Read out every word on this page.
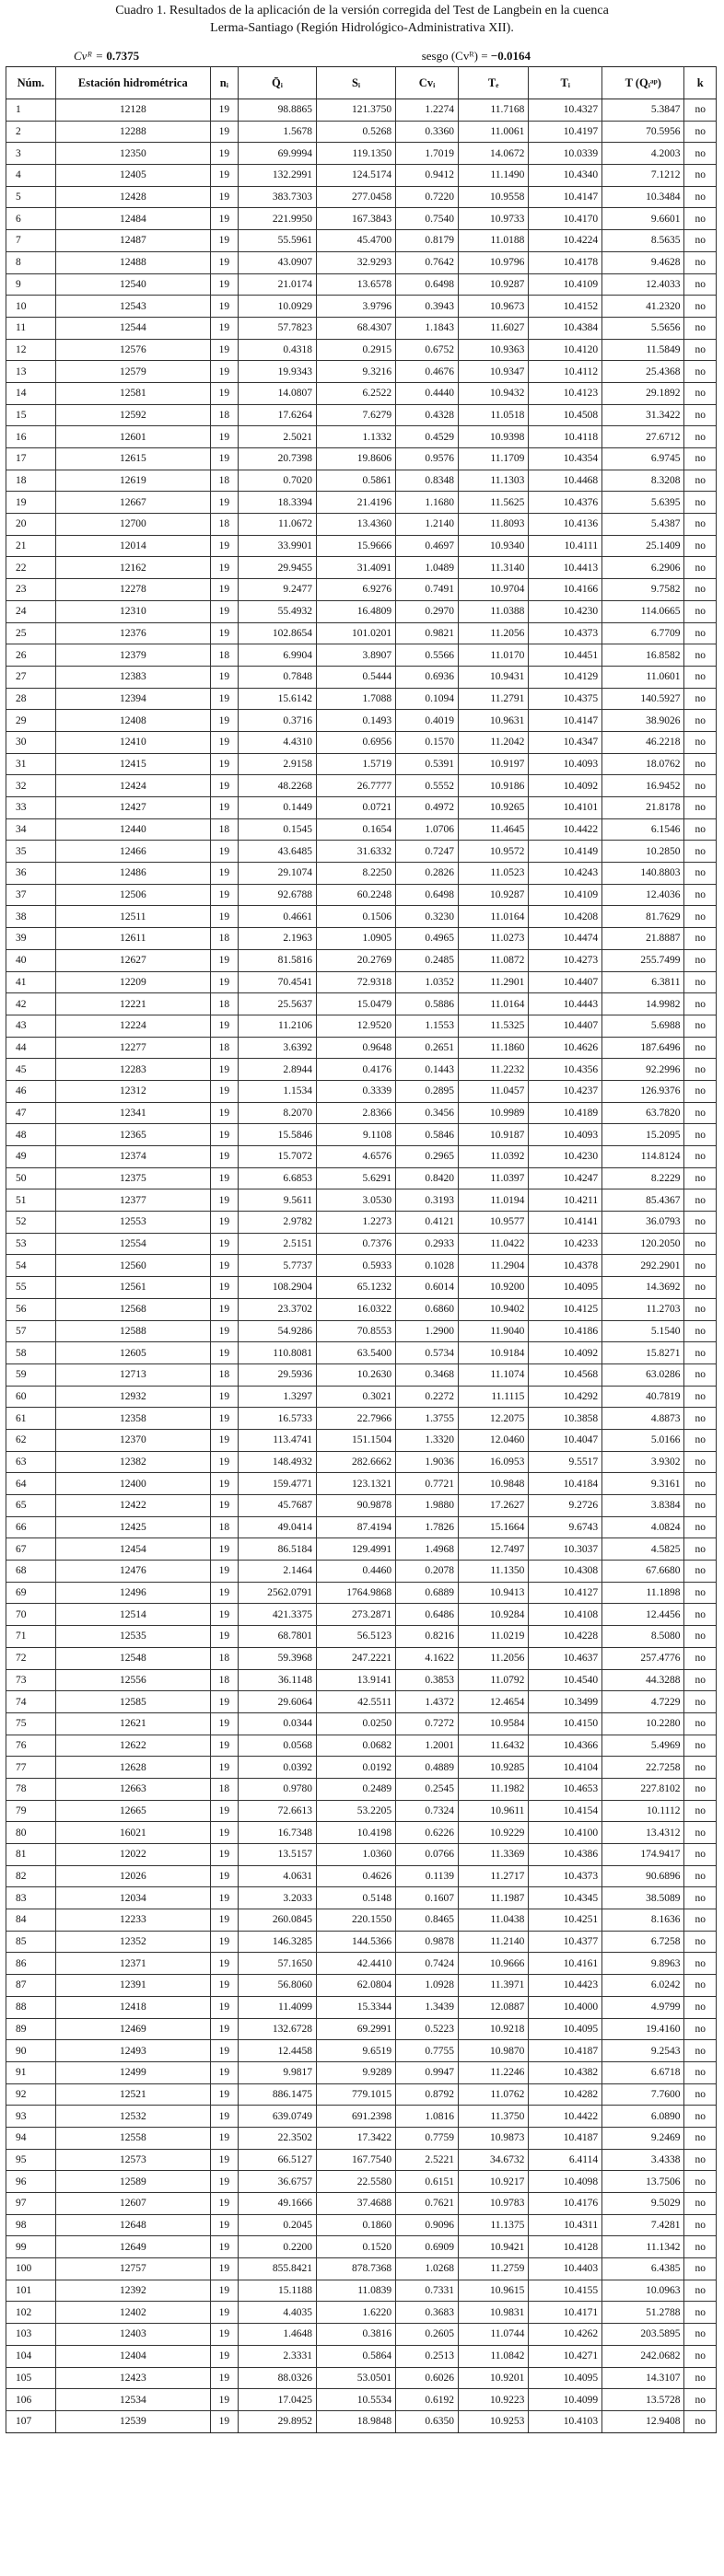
Cuadro 1. Resultados de la aplicación de la versión corregida del Test de Langbein en la cuenca
Lerma-Santiago (Región Hidrológico-Administrativa XII).
Cvᴿ = 0.7375	sesgo (Cvᴿ) = −0.0164
Núm.	Estación hidrométrica	nᵢ	Q̄ᵢ	Sᵢ	Cvᵢ	Tₑ	Tᵢ	T (Qᵢᵃᵖ)	k
1	12128	19	98.8865	121.3750	1.2274	11.7168	10.4327	5.3847	no
2	12288	19	1.5678	0.5268	0.3360	11.0061	10.4197	70.5956	no
3	12350	19	69.9994	119.1350	1.7019	14.0672	10.0339	4.2003	no
4	12405	19	132.2991	124.5174	0.9412	11.1490	10.4340	7.1212	no
5	12428	19	383.7303	277.0458	0.7220	10.9558	10.4147	10.3484	no
6	12484	19	221.9950	167.3843	0.7540	10.9733	10.4170	9.6601	no
7	12487	19	55.5961	45.4700	0.8179	11.0188	10.4224	8.5635	no
8	12488	19	43.0907	32.9293	0.7642	10.9796	10.4178	9.4628	no
9	12540	19	21.0174	13.6578	0.6498	10.9287	10.4109	12.4033	no
10	12543	19	10.0929	3.9796	0.3943	10.9673	10.4152	41.2320	no
11	12544	19	57.7823	68.4307	1.1843	11.6027	10.4384	5.5656	no
12	12576	19	0.4318	0.2915	0.6752	10.9363	10.4120	11.5849	no
13	12579	19	19.9343	9.3216	0.4676	10.9347	10.4112	25.4368	no
14	12581	19	14.0807	6.2522	0.4440	10.9432	10.4123	29.1892	no
15	12592	18	17.6264	7.6279	0.4328	11.0518	10.4508	31.3422	no
16	12601	19	2.5021	1.1332	0.4529	10.9398	10.4118	27.6712	no
17	12615	19	20.7398	19.8606	0.9576	11.1709	10.4354	6.9745	no
18	12619	18	0.7020	0.5861	0.8348	11.1303	10.4468	8.3208	no
19	12667	19	18.3394	21.4196	1.1680	11.5625	10.4376	5.6395	no
20	12700	18	11.0672	13.4360	1.2140	11.8093	10.4136	5.4387	no
21	12014	19	33.9901	15.9666	0.4697	10.9340	10.4111	25.1409	no
22	12162	19	29.9455	31.4091	1.0489	11.3140	10.4413	6.2906	no
23	12278	19	9.2477	6.9276	0.7491	10.9704	10.4166	9.7582	no
24	12310	19	55.4932	16.4809	0.2970	11.0388	10.4230	114.0665	no
25	12376	19	102.8654	101.0201	0.9821	11.2056	10.4373	6.7709	no
26	12379	18	6.9904	3.8907	0.5566	11.0170	10.4451	16.8582	no
27	12383	19	0.7848	0.5444	0.6936	10.9431	10.4129	11.0601	no
28	12394	19	15.6142	1.7088	0.1094	11.2791	10.4375	140.5927	no
29	12408	19	0.3716	0.1493	0.4019	10.9631	10.4147	38.9026	no
30	12410	19	4.4310	0.6956	0.1570	11.2042	10.4347	46.2218	no
31	12415	19	2.9158	1.5719	0.5391	10.9197	10.4093	18.0762	no
32	12424	19	48.2268	26.7777	0.5552	10.9186	10.4092	16.9452	no
33	12427	19	0.1449	0.0721	0.4972	10.9265	10.4101	21.8178	no
34	12440	18	0.1545	0.1654	1.0706	11.4645	10.4422	6.1546	no
35	12466	19	43.6485	31.6332	0.7247	10.9572	10.4149	10.2850	no
36	12486	19	29.1074	8.2250	0.2826	11.0523	10.4243	140.8803	no
37	12506	19	92.6788	60.2248	0.6498	10.9287	10.4109	12.4036	no
38	12511	19	0.4661	0.1506	0.3230	11.0164	10.4208	81.7629	no
39	12611	18	2.1963	1.0905	0.4965	11.0273	10.4474	21.8887	no
40	12627	19	81.5816	20.2769	0.2485	11.0872	10.4273	255.7499	no
41	12209	19	70.4541	72.9318	1.0352	11.2901	10.4407	6.3811	no
42	12221	18	25.5637	15.0479	0.5886	11.0164	10.4443	14.9982	no
43	12224	19	11.2106	12.9520	1.1553	11.5325	10.4407	5.6988	no
44	12277	18	3.6392	0.9648	0.2651	11.1860	10.4626	187.6496	no
45	12283	19	2.8944	0.4176	0.1443	11.2232	10.4356	92.2996	no
46	12312	19	1.1534	0.3339	0.2895	11.0457	10.4237	126.9376	no
47	12341	19	8.2070	2.8366	0.3456	10.9989	10.4189	63.7820	no
48	12365	19	15.5846	9.1108	0.5846	10.9187	10.4093	15.2095	no
49	12374	19	15.7072	4.6576	0.2965	11.0392	10.4230	114.8124	no
50	12375	19	6.6853	5.6291	0.8420	11.0397	10.4247	8.2229	no
51	12377	19	9.5611	3.0530	0.3193	11.0194	10.4211	85.4367	no
52	12553	19	2.9782	1.2273	0.4121	10.9577	10.4141	36.0793	no
53	12554	19	2.5151	0.7376	0.2933	11.0422	10.4233	120.2050	no
54	12560	19	5.7737	0.5933	0.1028	11.2904	10.4378	292.2901	no
55	12561	19	108.2904	65.1232	0.6014	10.9200	10.4095	14.3692	no
56	12568	19	23.3702	16.0322	0.6860	10.9402	10.4125	11.2703	no
57	12588	19	54.9286	70.8553	1.2900	11.9040	10.4186	5.1540	no
58	12605	19	110.8081	63.5400	0.5734	10.9184	10.4092	15.8271	no
59	12713	18	29.5936	10.2630	0.3468	11.1074	10.4568	63.0286	no
60	12932	19	1.3297	0.3021	0.2272	11.1115	10.4292	40.7819	no
61	12358	19	16.5733	22.7966	1.3755	12.2075	10.3858	4.8873	no
62	12370	19	113.4741	151.1504	1.3320	12.0460	10.4047	5.0166	no
63	12382	19	148.4932	282.6662	1.9036	16.0953	9.5517	3.9302	no
64	12400	19	159.4771	123.1321	0.7721	10.9848	10.4184	9.3161	no
65	12422	19	45.7687	90.9878	1.9880	17.2627	9.2726	3.8384	no
66	12425	18	49.0414	87.4194	1.7826	15.1664	9.6743	4.0824	no
67	12454	19	86.5184	129.4991	1.4968	12.7497	10.3037	4.5825	no
68	12476	19	2.1464	0.4460	0.2078	11.1350	10.4308	67.6680	no
69	12496	19	2562.0791	1764.9868	0.6889	10.9413	10.4127	11.1898	no
70	12514	19	421.3375	273.2871	0.6486	10.9284	10.4108	12.4456	no
71	12535	19	68.7801	56.5123	0.8216	11.0219	10.4228	8.5080	no
72	12548	18	59.3968	247.2221	4.1622	11.2056	10.4637	257.4776	no
73	12556	18	36.1148	13.9141	0.3853	11.0792	10.4540	44.3288	no
74	12585	19	29.6064	42.5511	1.4372	12.4654	10.3499	4.7229	no
75	12621	19	0.0344	0.0250	0.7272	10.9584	10.4150	10.2280	no
76	12622	19	0.0568	0.0682	1.2001	11.6432	10.4366	5.4969	no
77	12628	19	0.0392	0.0192	0.4889	10.9285	10.4104	22.7258	no
78	12663	18	0.9780	0.2489	0.2545	11.1982	10.4653	227.8102	no
79	12665	19	72.6613	53.2205	0.7324	10.9611	10.4154	10.1112	no
80	16021	19	16.7348	10.4198	0.6226	10.9229	10.4100	13.4312	no
81	12022	19	13.5157	1.0360	0.0766	11.3369	10.4386	174.9417	no
82	12026	19	4.0631	0.4626	0.1139	11.2717	10.4373	90.6896	no
83	12034	19	3.2033	0.5148	0.1607	11.1987	10.4345	38.5089	no
84	12233	19	260.0845	220.1550	0.8465	11.0438	10.4251	8.1636	no
85	12352	19	146.3285	144.5366	0.9878	11.2140	10.4377	6.7258	no
86	12371	19	57.1650	42.4410	0.7424	10.9666	10.4161	9.8963	no
87	12391	19	56.8060	62.0804	1.0928	11.3971	10.4423	6.0242	no
88	12418	19	11.4099	15.3344	1.3439	12.0887	10.4000	4.9799	no
89	12469	19	132.6728	69.2991	0.5223	10.9218	10.4095	19.4160	no
90	12493	19	12.4458	9.6519	0.7755	10.9870	10.4187	9.2543	no
91	12499	19	9.9817	9.9289	0.9947	11.2246	10.4382	6.6718	no
92	12521	19	886.1475	779.1015	0.8792	11.0762	10.4282	7.7600	no
93	12532	19	639.0749	691.2398	1.0816	11.3750	10.4422	6.0890	no
94	12558	19	22.3502	17.3422	0.7759	10.9873	10.4187	9.2469	no
95	12573	19	66.5127	167.7540	2.5221	34.6732	6.4114	3.4338	no
96	12589	19	36.6757	22.5580	0.6151	10.9217	10.4098	13.7506	no
97	12607	19	49.1666	37.4688	0.7621	10.9783	10.4176	9.5029	no
98	12648	19	0.2045	0.1860	0.9096	11.1375	10.4311	7.4281	no
99	12649	19	0.2200	0.1520	0.6909	10.9421	10.4128	11.1342	no
100	12757	19	855.8421	878.7368	1.0268	11.2759	10.4403	6.4385	no
101	12392	19	15.1188	11.0839	0.7331	10.9615	10.4155	10.0963	no
102	12402	19	4.4035	1.6220	0.3683	10.9831	10.4171	51.2788	no
103	12403	19	1.4648	0.3816	0.2605	11.0744	10.4262	203.5895	no
104	12404	19	2.3331	0.5864	0.2513	11.0842	10.4271	242.0682	no
105	12423	19	88.0326	53.0501	0.6026	10.9201	10.4095	14.3107	no
106	12534	19	17.0425	10.5534	0.6192	10.9223	10.4099	13.5728	no
107	12539	19	29.8952	18.9848	0.6350	10.9253	10.4103	12.9408	no
